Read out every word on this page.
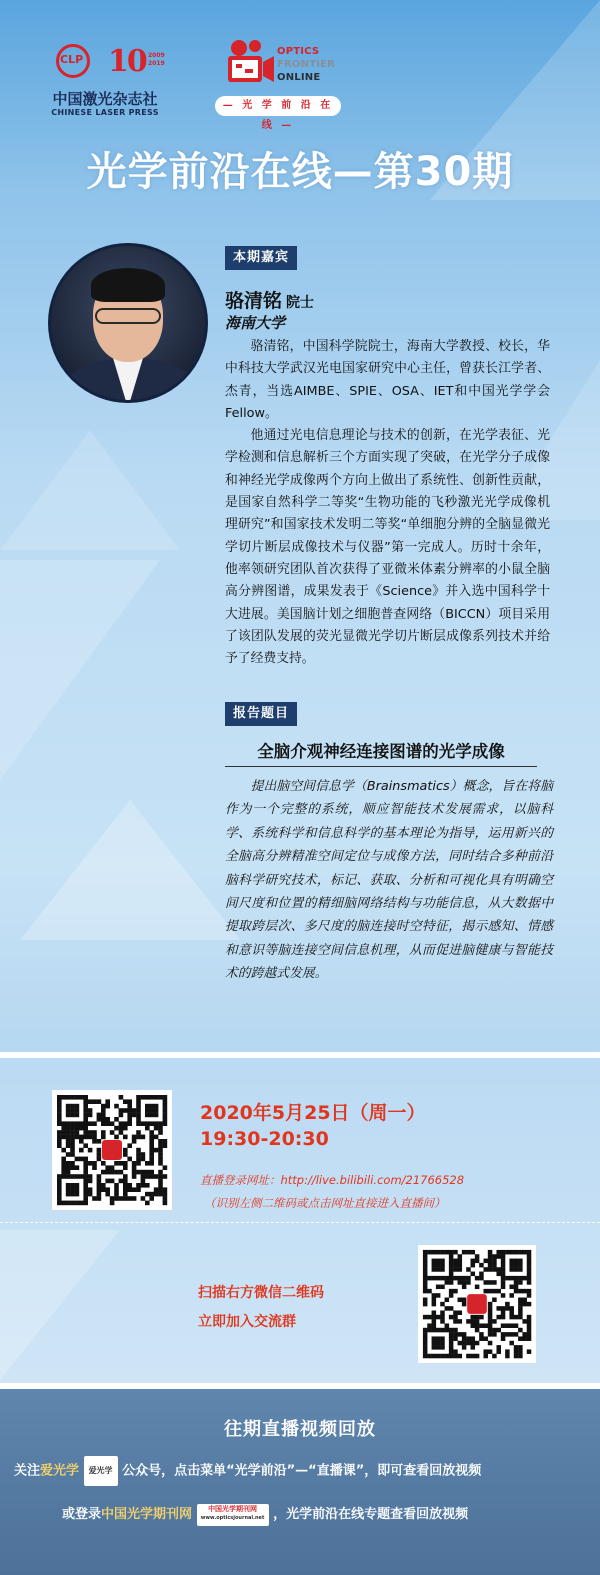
CLP 10 2009
2019
中国激光杂志社
CHINESE LASER PRESS
OPTICS
FRONTIER
ONLINE
— 光 学 前 沿 在 线 —
光学前沿在线—第30期
本期嘉宾
骆清铭 院士
海南大学

骆清铭，中国科学院院士，海南大学教授、校长，华中科技大学武汉光电国家研究中心主任，曾获长江学者、杰青，当选AIMBE、SPIE、OSA、IET和中国光学学会Fellow。

他通过光电信息理论与技术的创新，在光学表征、光学检测和信息解析三个方面实现了突破，在光学分子成像和神经光学成像两个方向上做出了系统性、创新性贡献，是国家自然科学二等奖“生物功能的飞秒激光光学成像机理研究”和国家技术发明二等奖“单细胞分辨的全脑显微光学切片断层成像技术与仪器”第一完成人。历时十余年，他率领研究团队首次获得了亚微米体素分辨率的小鼠全脑高分辨图谱，成果发表于《Science》并入选中国科学十大进展。美国脑计划之细胞普查网络（BICCN）项目采用了该团队发展的荧光显微光学切片断层成像系列技术并给予了经费支持。

报告题目
全脑介观神经连接图谱的光学成像
提出脑空间信息学（Brainsmatics）概念，旨在将脑作为一个完整的系统，顺应智能技术发展需求，以脑科学、系统科学和信息科学的基本理论为指导，运用新兴的全脑高分辨精准空间定位与成像方法，同时结合多种前沿脑科学研究技术，标记、获取、分析和可视化具有明确空间尺度和位置的精细脑网络结构与功能信息，从大数据中提取跨层次、多尺度的脑连接时空特征，揭示感知、情感和意识等脑连接空间信息机理，从而促进脑健康与智能技术的跨越式发展。
2020年5月25日（周一）
19:30-20:30
直播登录网址：http://live.bilibili.com/21766528
（识别左侧二维码或点击网址直接进入直播间）
扫描右方微信二维码
立即加入交流群
往期直播视频回放
关注爱光学 爱光学 公众号，点击菜单“光学前沿”—“直播课”，即可查看回放视频
或登录中国光学期刊网	中国光学期刊网
www.opticsjournal.net ，光学前沿在线专题查看回放视频
